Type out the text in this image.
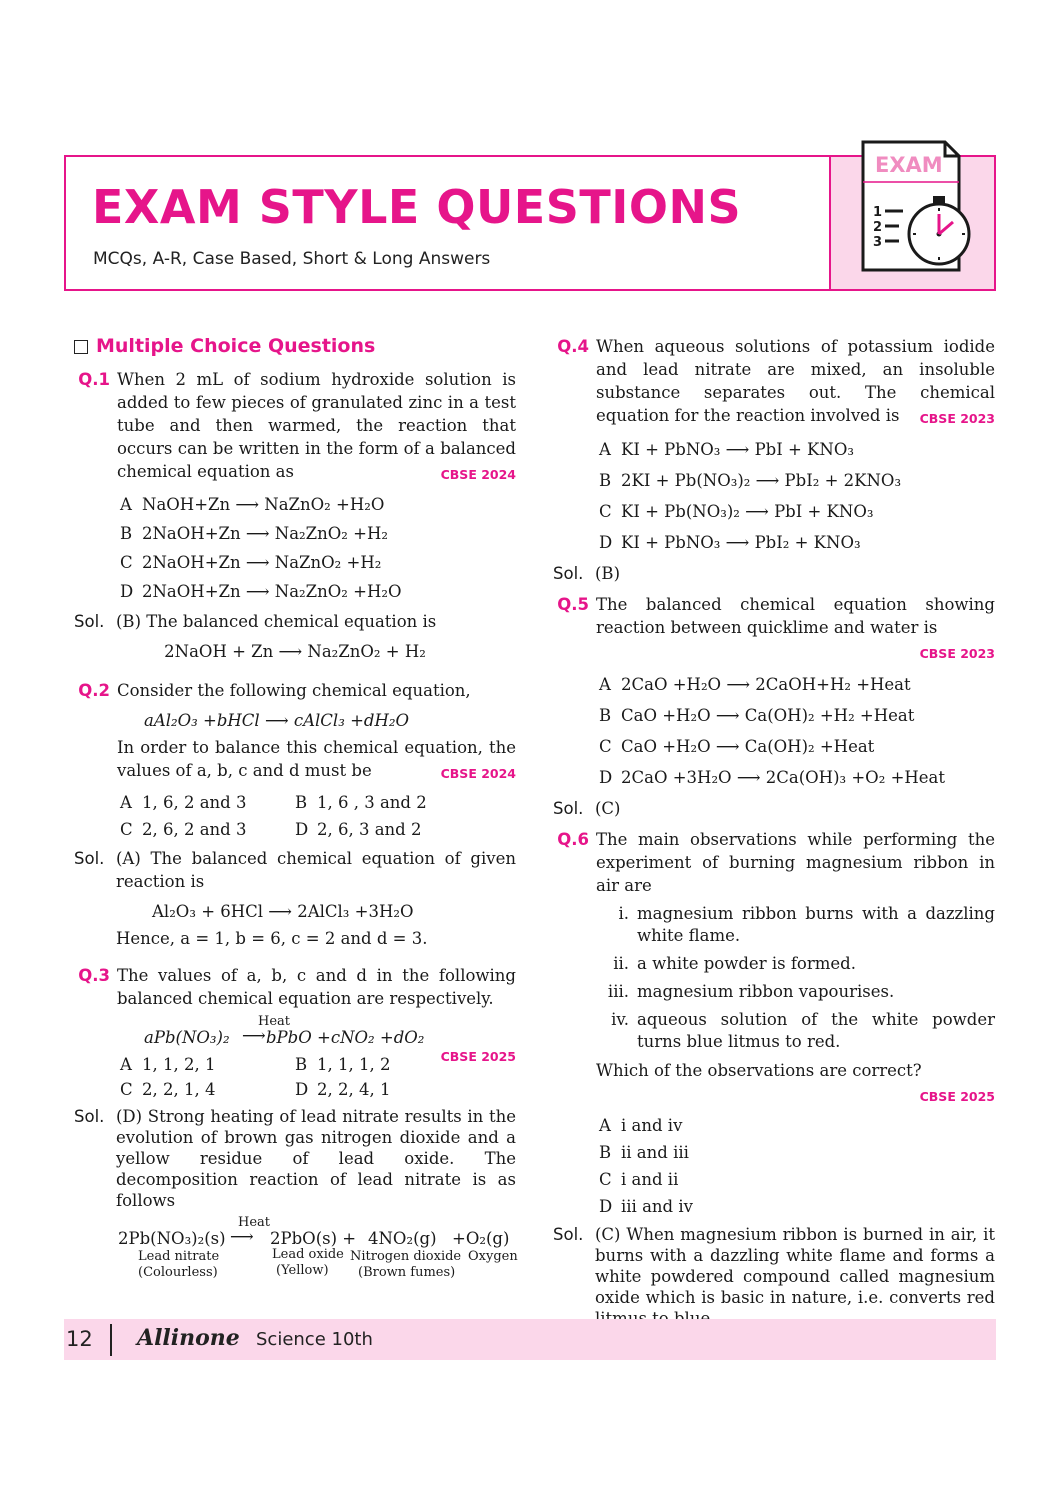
EXAM STYLE QUESTIONS
MCQs, A-R, Case Based, Short & Long Answers
EXAM
1
2
3
Multiple Choice Questions
Q.1 When 2 mL of sodium hydroxide solution is added to few pieces of granulated zinc in a test tube and then warmed, the reaction that occurs can be written in the form of a balanced chemical equation as	CBSE 2024
A NaOH+Zn ⟶ NaZnO₂ +H₂O
B 2NaOH+Zn ⟶ Na₂ZnO₂ +H₂
C 2NaOH+Zn ⟶ NaZnO₂ +H₂
D 2NaOH+Zn ⟶ Na₂ZnO₂ +H₂O
Sol. (B) The balanced chemical equation is
2NaOH + Zn ⟶ Na₂ZnO₂ + H₂
Q.2 Consider the following chemical equation,
aAl₂O₃ +bHCl ⟶ cAlCl₃ +dH₂O
In order to balance this chemical equation, the values of a, b, c and d must be	CBSE 2024
A 1, 6, 2 and 3	B 1, 6 , 3 and 2
C 2, 6, 2 and 3	D 2, 6, 3 and 2
Sol. (A) The balanced chemical equation of given reaction is
Al₂O₃ + 6HCl ⟶ 2AlCl₃ +3H₂O
Hence, a = 1, b = 6, c = 2 and d = 3.
Q.3 The values of a, b, c and d in the following balanced chemical equation are respectively.
aPb(NO₃)₂
Heat
⟶ bPbO +cNO₂ +dO₂
CBSE 2025
A 1, 1, 2, 1	B 1, 1, 1, 2
C 2, 2, 1, 4	D 2, 2, 4, 1
Sol. (D) Strong heating of lead nitrate results in the evolution of brown gas nitrogen dioxide and a yellow residue of lead oxide. The decomposition reaction of lead nitrate is as follows
2Pb(NO₃)₂(s)
Heat
⟶ 2PbO(s) + 4NO₂(g) +O₂(g)
Lead nitrate
(Colourless)
Lead oxide
(Yellow)
Nitrogen dioxide
(Brown fumes)
Oxygen
Q.4 When aqueous solutions of potassium iodide and lead nitrate are mixed, an insoluble substance separates out. The chemical equation for the reaction involved is CBSE 2023
A KI + PbNO₃ ⟶ PbI + KNO₃
B 2KI + Pb(NO₃)₂ ⟶ PbI₂ + 2KNO₃
C KI + Pb(NO₃)₂ ⟶ PbI + KNO₃
D KI + PbNO₃ ⟶ PbI₂ + KNO₃
Sol. (B)
Q.5 The balanced chemical equation showing reaction between quicklime and water is
CBSE 2023
A 2CaO +H₂O ⟶ 2CaOH+H₂ +Heat
B CaO +H₂O ⟶ Ca(OH)₂ +H₂ +Heat
C CaO +H₂O ⟶ Ca(OH)₂ +Heat
D 2CaO +3H₂O ⟶ 2Ca(OH)₃ +O₂ +Heat
Sol. (C)
Q.6 The main observations while performing the experiment of burning magnesium ribbon in air are
i. magnesium ribbon burns with a dazzling white flame.
ii. a white powder is formed.
iii. magnesium ribbon vapourises.
iv. aqueous solution of the white powder turns blue litmus to red.
Which of the observations are correct?
CBSE 2025
A i and iv
B ii and iii
C i and ii
D iii and iv
Sol. (C) When magnesium ribbon is burned in air, it burns with a dazzling white flame and forms a white powdered compound called magnesium oxide which is basic in nature, i.e. converts red
12 Allinone Science 10th
